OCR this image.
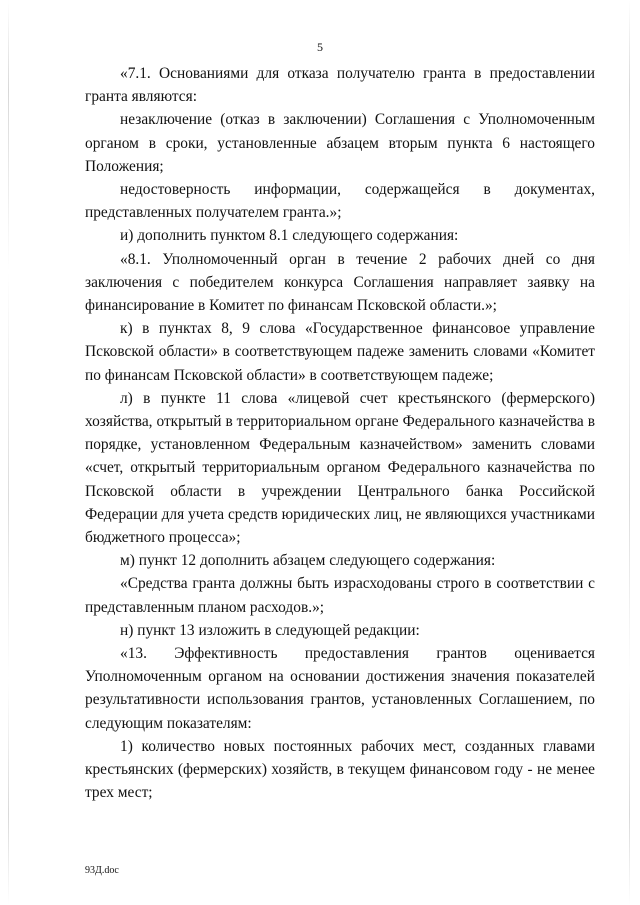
5

«7.1. Основаниями для отказа получателю гранта в предоставлении гранта являются:

незаключение (отказ в заключении) Соглашения с Уполномоченным органом в сроки, установленные абзацем вторым пункта 6 настоящего Положения;

недостоверность информации, содержащейся в документах, представленных получателем гранта.»;

и) дополнить пунктом 8.1 следующего содержания:

«8.1. Уполномоченный орган в течение 2 рабочих дней со дня заключения с победителем конкурса Соглашения направляет заявку на финансирование в Комитет по финансам Псковской области.»;

к) в пунктах 8, 9 слова «Государственное финансовое управление Псковской области» в соответствующем падеже заменить словами «Комитет по финансам Псковской области» в соответствующем падеже;

л) в пункте 11 слова «лицевой счет крестьянского (фермерского) хозяйства, открытый в территориальном органе Федерального казначейства в порядке, установленном Федеральным казначейством» заменить словами «счет, открытый территориальным органом Федерального казначейства по Псковской области в учреждении Центрального банка Российской Федерации для учета средств юридических лиц, не являющихся участниками бюджетного процесса»;

м) пункт 12 дополнить абзацем следующего содержания:

«Средства гранта должны быть израсходованы строго в соответствии с представленным планом расходов.»;

н) пункт 13 изложить в следующей редакции:

«13. Эффективность предоставления грантов оценивается Уполномоченным органом на основании достижения значения показателей результативности использования грантов, установленных Соглашением, по следующим показателям:

1) количество новых постоянных рабочих мест, созданных главами крестьянских (фермерских) хозяйств, в текущем финансовом году - не менее трех мест;

93Д.doc
